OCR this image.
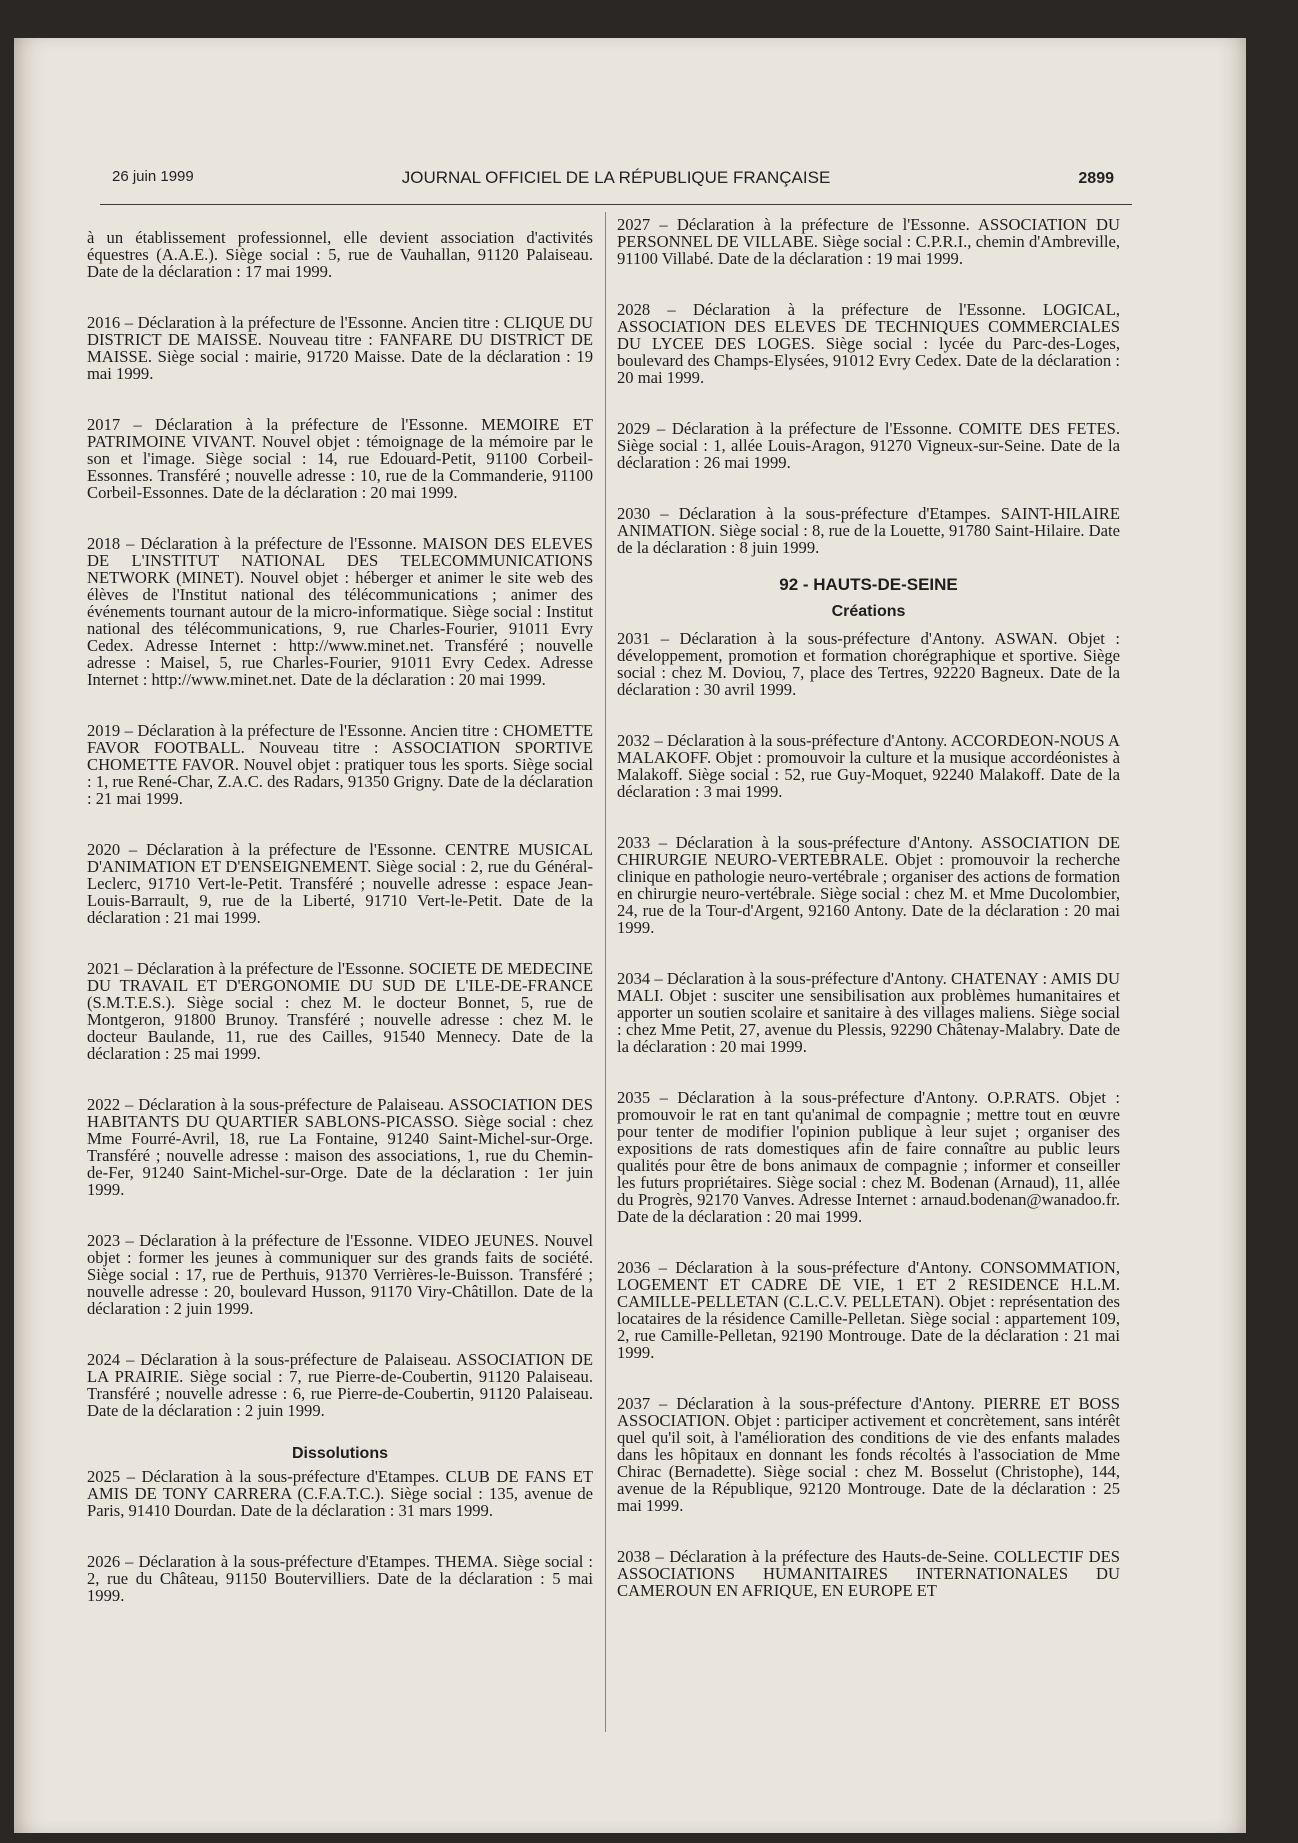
26 juin 1999	JOURNAL OFFICIEL DE LA RÉPUBLIQUE FRANÇAISE	2899

à un établissement professionnel, elle devient association d'activités équestres (A.A.E.). Siège social : 5, rue de Vauhallan, 91120 Palaiseau. Date de la déclaration : 17 mai 1999.

2016 – Déclaration à la préfecture de l'Essonne. Ancien titre : CLIQUE DU DISTRICT DE MAISSE. Nouveau titre : FANFARE DU DISTRICT DE MAISSE. Siège social : mairie, 91720 Maisse. Date de la déclaration : 19 mai 1999.
2017 – Déclaration à la préfecture de l'Essonne. MEMOIRE ET PATRIMOINE VIVANT. Nouvel objet : témoignage de la mémoire par le son et l'image. Siège social : 14, rue Edouard-Petit, 91100 Corbeil-Essonnes. Transféré ; nouvelle adresse : 10, rue de la Commanderie, 91100 Corbeil-Essonnes. Date de la déclaration : 20 mai 1999.
2018 – Déclaration à la préfecture de l'Essonne. MAISON DES ELEVES DE L'INSTITUT NATIONAL DES TELECOMMUNICATIONS NETWORK (MINET). Nouvel objet : héberger et animer le site web des élèves de l'Institut national des télécommunications ; animer des événements tournant autour de la micro-informatique. Siège social : Institut national des télécommunications, 9, rue Charles-Fourier, 91011 Evry Cedex. Adresse Internet : http://www.minet.net. Transféré ; nouvelle adresse : Maisel, 5, rue Charles-Fourier, 91011 Evry Cedex. Adresse Internet : http://www.minet.net. Date de la déclaration : 20 mai 1999.
2019 – Déclaration à la préfecture de l'Essonne. Ancien titre : CHOMETTE FAVOR FOOTBALL. Nouveau titre : ASSOCIATION SPORTIVE CHOMETTE FAVOR. Nouvel objet : pratiquer tous les sports. Siège social : 1, rue René-Char, Z.A.C. des Radars, 91350 Grigny. Date de la déclaration : 21 mai 1999.
2020 – Déclaration à la préfecture de l'Essonne. CENTRE MUSICAL D'ANIMATION ET D'ENSEIGNEMENT. Siège social : 2, rue du Général-Leclerc, 91710 Vert-le-Petit. Transféré ; nouvelle adresse : espace Jean-Louis-Barrault, 9, rue de la Liberté, 91710 Vert-le-Petit. Date de la déclaration : 21 mai 1999.
2021 – Déclaration à la préfecture de l'Essonne. SOCIETE DE MEDECINE DU TRAVAIL ET D'ERGONOMIE DU SUD DE L'ILE-DE-FRANCE (S.M.T.E.S.). Siège social : chez M. le docteur Bonnet, 5, rue de Montgeron, 91800 Brunoy. Transféré ; nouvelle adresse : chez M. le docteur Baulande, 11, rue des Cailles, 91540 Mennecy. Date de la déclaration : 25 mai 1999.
2022 – Déclaration à la sous-préfecture de Palaiseau. ASSOCIATION DES HABITANTS DU QUARTIER SABLONS-PICASSO. Siège social : chez Mme Fourré-Avril, 18, rue La Fontaine, 91240 Saint-Michel-sur-Orge. Transféré ; nouvelle adresse : maison des associations, 1, rue du Chemin-de-Fer, 91240 Saint-Michel-sur-Orge. Date de la déclaration : 1er juin 1999.
2023 – Déclaration à la préfecture de l'Essonne. VIDEO JEUNES. Nouvel objet : former les jeunes à communiquer sur des grands faits de société. Siège social : 17, rue de Perthuis, 91370 Verrières-le-Buisson. Transféré ; nouvelle adresse : 20, boulevard Husson, 91170 Viry-Châtillon. Date de la déclaration : 2 juin 1999.
2024 – Déclaration à la sous-préfecture de Palaiseau. ASSOCIATION DE LA PRAIRIE. Siège social : 7, rue Pierre-de-Coubertin, 91120 Palaiseau. Transféré ; nouvelle adresse : 6, rue Pierre-de-Coubertin, 91120 Palaiseau. Date de la déclaration : 2 juin 1999.
Dissolutions
2025 – Déclaration à la sous-préfecture d'Etampes. CLUB DE FANS ET AMIS DE TONY CARRERA (C.F.A.T.C.). Siège social : 135, avenue de Paris, 91410 Dourdan. Date de la déclaration : 31 mars 1999.
2026 – Déclaration à la sous-préfecture d'Etampes. THEMA. Siège social : 2, rue du Château, 91150 Boutervilliers. Date de la déclaration : 5 mai 1999.
2027 – Déclaration à la préfecture de l'Essonne. ASSOCIATION DU PERSONNEL DE VILLABE. Siège social : C.P.R.I., chemin d'Ambreville, 91100 Villabé. Date de la déclaration : 19 mai 1999.
2028 – Déclaration à la préfecture de l'Essonne. LOGICAL, ASSOCIATION DES ELEVES DE TECHNIQUES COMMERCIALES DU LYCEE DES LOGES. Siège social : lycée du Parc-des-Loges, boulevard des Champs-Elysées, 91012 Evry Cedex. Date de la déclaration : 20 mai 1999.
2029 – Déclaration à la préfecture de l'Essonne. COMITE DES FETES. Siège social : 1, allée Louis-Aragon, 91270 Vigneux-sur-Seine. Date de la déclaration : 26 mai 1999.
2030 – Déclaration à la sous-préfecture d'Etampes. SAINT-HILAIRE ANIMATION. Siège social : 8, rue de la Louette, 91780 Saint-Hilaire. Date de la déclaration : 8 juin 1999.
92 - HAUTS-DE-SEINE
Créations
2031 – Déclaration à la sous-préfecture d'Antony. ASWAN. Objet : développement, promotion et formation chorégraphique et sportive. Siège social : chez M. Doviou, 7, place des Tertres, 92220 Bagneux. Date de la déclaration : 30 avril 1999.
2032 – Déclaration à la sous-préfecture d'Antony. ACCORDEON-NOUS A MALAKOFF. Objet : promouvoir la culture et la musique accordéonistes à Malakoff. Siège social : 52, rue Guy-Moquet, 92240 Malakoff. Date de la déclaration : 3 mai 1999.
2033 – Déclaration à la sous-préfecture d'Antony. ASSOCIATION DE CHIRURGIE NEURO-VERTEBRALE. Objet : promouvoir la recherche clinique en pathologie neuro-vertébrale ; organiser des actions de formation en chirurgie neuro-vertébrale. Siège social : chez M. et Mme Ducolombier, 24, rue de la Tour-d'Argent, 92160 Antony. Date de la déclaration : 20 mai 1999.
2034 – Déclaration à la sous-préfecture d'Antony. CHATENAY : AMIS DU MALI. Objet : susciter une sensibilisation aux problèmes humanitaires et apporter un soutien scolaire et sanitaire à des villages maliens. Siège social : chez Mme Petit, 27, avenue du Plessis, 92290 Châtenay-Malabry. Date de la déclaration : 20 mai 1999.
2035 – Déclaration à la sous-préfecture d'Antony. O.P.RATS. Objet : promouvoir le rat en tant qu'animal de compagnie ; mettre tout en œuvre pour tenter de modifier l'opinion publique à leur sujet ; organiser des expositions de rats domestiques afin de faire connaître au public leurs qualités pour être de bons animaux de compagnie ; informer et conseiller les futurs propriétaires. Siège social : chez M. Bodenan (Arnaud), 11, allée du Progrès, 92170 Vanves. Adresse Internet : arnaud.bodenan@wanadoo.fr. Date de la déclaration : 20 mai 1999.
2036 – Déclaration à la sous-préfecture d'Antony. CONSOMMATION, LOGEMENT ET CADRE DE VIE, 1 ET 2 RESIDENCE H.L.M. CAMILLE-PELLETAN (C.L.C.V. PELLETAN). Objet : représentation des locataires de la résidence Camille-Pelletan. Siège social : appartement 109, 2, rue Camille-Pelletan, 92190 Montrouge. Date de la déclaration : 21 mai 1999.
2037 – Déclaration à la sous-préfecture d'Antony. PIERRE ET BOSS ASSOCIATION. Objet : participer activement et concrètement, sans intérêt quel qu'il soit, à l'amélioration des conditions de vie des enfants malades dans les hôpitaux en donnant les fonds récoltés à l'association de Mme Chirac (Bernadette). Siège social : chez M. Bosselut (Christophe), 144, avenue de la République, 92120 Montrouge. Date de la déclaration : 25 mai 1999.
2038 – Déclaration à la préfecture des Hauts-de-Seine. COLLECTIF DES ASSOCIATIONS HUMANITAIRES INTERNATIONALES DU CAMEROUN EN AFRIQUE, EN EUROPE ET
